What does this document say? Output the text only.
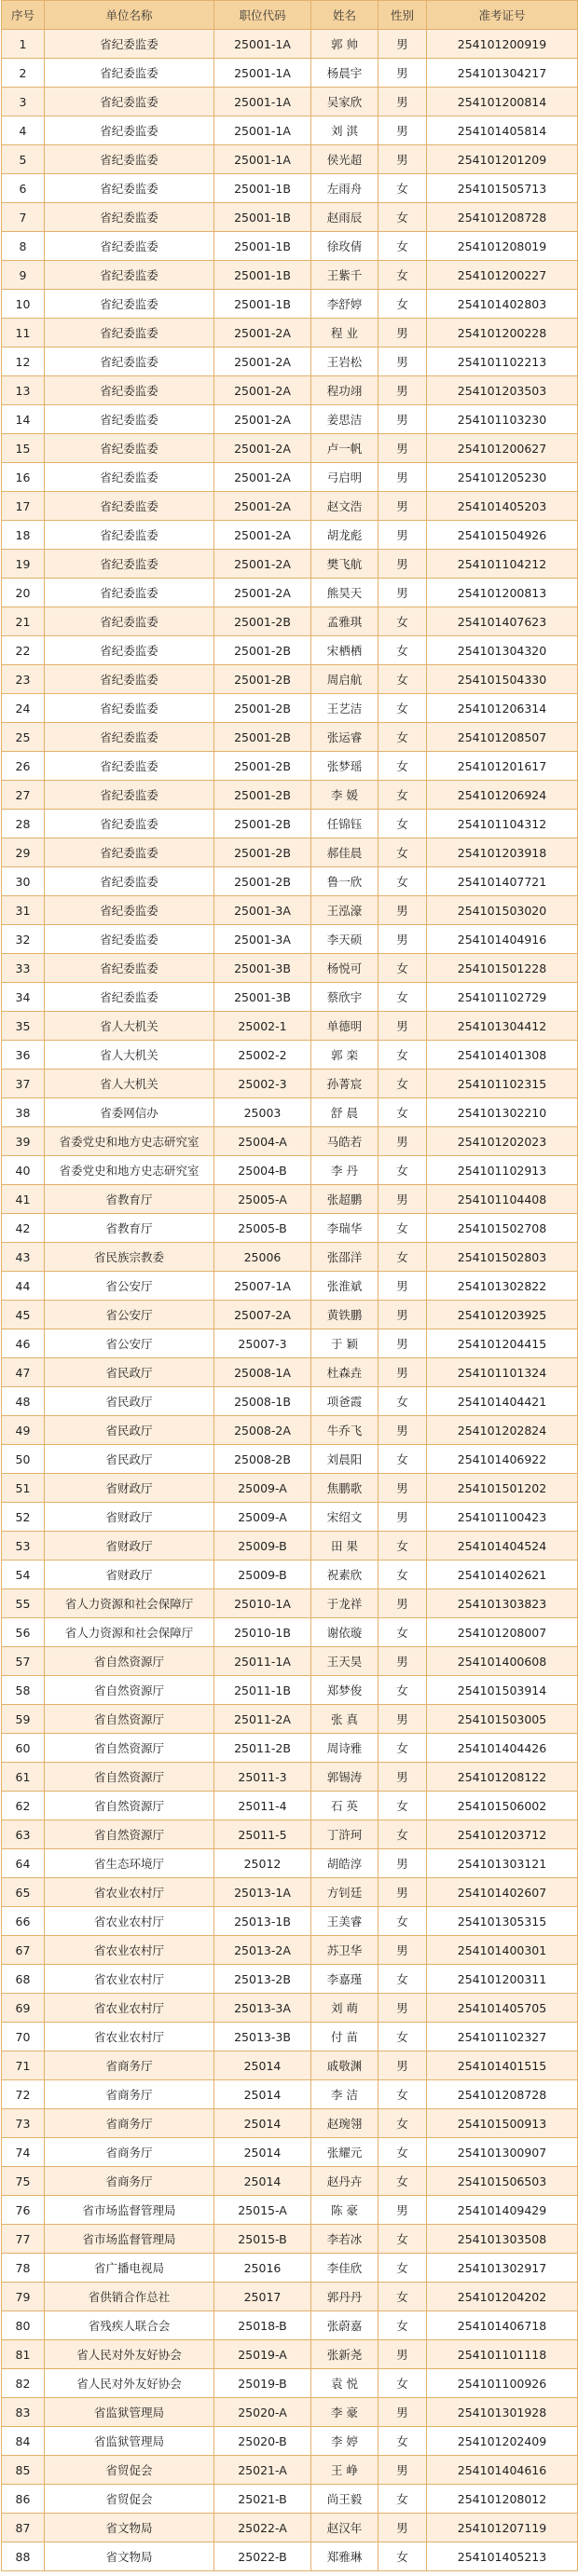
序号	单位名称	职位代码	姓名	性别	准考证号
1	省纪委监委	25001-1A	郭 帅	男	254101200919
2	省纪委监委	25001-1A	杨晨宇	男	254101304217
3	省纪委监委	25001-1A	吴家欣	男	254101200814
4	省纪委监委	25001-1A	刘 淇	男	254101405814
5	省纪委监委	25001-1A	侯光超	男	254101201209
6	省纪委监委	25001-1B	左雨舟	女	254101505713
7	省纪委监委	25001-1B	赵雨辰	女	254101208728
8	省纪委监委	25001-1B	徐玫倩	女	254101208019
9	省纪委监委	25001-1B	王紫千	女	254101200227
10	省纪委监委	25001-1B	李舒婷	女	254101402803
11	省纪委监委	25001-2A	程 业	男	254101200228
12	省纪委监委	25001-2A	王岩松	男	254101102213
13	省纪委监委	25001-2A	程功翊	男	254101203503
14	省纪委监委	25001-2A	姜思洁	男	254101103230
15	省纪委监委	25001-2A	卢一帆	男	254101200627
16	省纪委监委	25001-2A	弓启明	男	254101205230
17	省纪委监委	25001-2A	赵文浩	男	254101405203
18	省纪委监委	25001-2A	胡龙彪	男	254101504926
19	省纪委监委	25001-2A	樊飞航	男	254101104212
20	省纪委监委	25001-2A	熊昊天	男	254101200813
21	省纪委监委	25001-2B	孟雅琪	女	254101407623
22	省纪委监委	25001-2B	宋栖栖	女	254101304320
23	省纪委监委	25001-2B	周启航	女	254101504330
24	省纪委监委	25001-2B	王艺洁	女	254101206314
25	省纪委监委	25001-2B	张运睿	女	254101208507
26	省纪委监委	25001-2B	张梦瑶	女	254101201617
27	省纪委监委	25001-2B	李 媛	女	254101206924
28	省纪委监委	25001-2B	任锦钰	女	254101104312
29	省纪委监委	25001-2B	郝佳晨	女	254101203918
30	省纪委监委	25001-2B	鲁一欣	女	254101407721
31	省纪委监委	25001-3A	王泓濠	男	254101503020
32	省纪委监委	25001-3A	李天硕	男	254101404916
33	省纪委监委	25001-3B	杨悦可	女	254101501228
34	省纪委监委	25001-3B	蔡欣宇	女	254101102729
35	省人大机关	25002-1	单德明	男	254101304412
36	省人大机关	25002-2	郭 栾	女	254101401308
37	省人大机关	25002-3	孙菁宸	女	254101102315
38	省委网信办	25003	舒 晨	女	254101302210
39	省委党史和地方史志研究室	25004-A	马皓若	男	254101202023
40	省委党史和地方史志研究室	25004-B	李 丹	女	254101102913
41	省教育厅	25005-A	张超鹏	男	254101104408
42	省教育厅	25005-B	李瑞华	女	254101502708
43	省民族宗教委	25006	张邵洋	女	254101502803
44	省公安厅	25007-1A	张淮斌	男	254101302822
45	省公安厅	25007-2A	黄铁鹏	男	254101203925
46	省公安厅	25007-3	于 颖	男	254101204415
47	省民政厅	25008-1A	杜森垚	男	254101101324
48	省民政厅	25008-1B	项爸霞	女	254101404421
49	省民政厅	25008-2A	牛乔飞	男	254101202824
50	省民政厅	25008-2B	刘晨阳	女	254101406922
51	省财政厅	25009-A	焦鹏歌	男	254101501202
52	省财政厅	25009-A	宋绍文	男	254101100423
53	省财政厅	25009-B	田 果	女	254101404524
54	省财政厅	25009-B	祝素欣	女	254101402621
55	省人力资源和社会保障厅	25010-1A	于龙祥	男	254101303823
56	省人力资源和社会保障厅	25010-1B	谢依璇	女	254101208007
57	省自然资源厅	25011-1A	王天昊	男	254101400608
58	省自然资源厅	25011-1B	郑梦俊	女	254101503914
59	省自然资源厅	25011-2A	张 真	男	254101503005
60	省自然资源厅	25011-2B	周诗雅	女	254101404426
61	省自然资源厅	25011-3	郭锡涛	男	254101208122
62	省自然资源厅	25011-4	石 英	女	254101506002
63	省自然资源厅	25011-5	丁浒珂	女	254101203712
64	省生态环境厅	25012	胡皓淳	男	254101303121
65	省农业农村厅	25013-1A	方钊廷	男	254101402607
66	省农业农村厅	25013-1B	王美睿	女	254101305315
67	省农业农村厅	25013-2A	苏卫华	男	254101400301
68	省农业农村厅	25013-2B	李嘉瑾	女	254101200311
69	省农业农村厅	25013-3A	刘 萌	男	254101405705
70	省农业农村厅	25013-3B	付 苗	女	254101102327
71	省商务厅	25014	戚敬渊	男	254101401515
72	省商务厅	25014	李 洁	女	254101208728
73	省商务厅	25014	赵琬翎	女	254101500913
74	省商务厅	25014	张耀元	女	254101300907
75	省商务厅	25014	赵丹卉	女	254101506503
76	省市场监督管理局	25015-A	陈 豪	男	254101409429
77	省市场监督管理局	25015-B	李若冰	女	254101303508
78	省广播电视局	25016	李佳欣	女	254101302917
79	省供销合作总社	25017	郭丹丹	女	254101204202
80	省残疾人联合会	25018-B	张蔚嘉	女	254101406718
81	省人民对外友好协会	25019-A	张新尧	男	254101101118
82	省人民对外友好协会	25019-B	袁 悦	女	254101100926
83	省监狱管理局	25020-A	李 豪	男	254101301928
84	省监狱管理局	25020-B	李 婷	女	254101202409
85	省贸促会	25021-A	王 峥	男	254101404616
86	省贸促会	25021-B	尚王毅	女	254101208012
87	省文物局	25022-A	赵汉年	男	254101207119
88	省文物局	25022-B	郑雅琳	女	254101405213
